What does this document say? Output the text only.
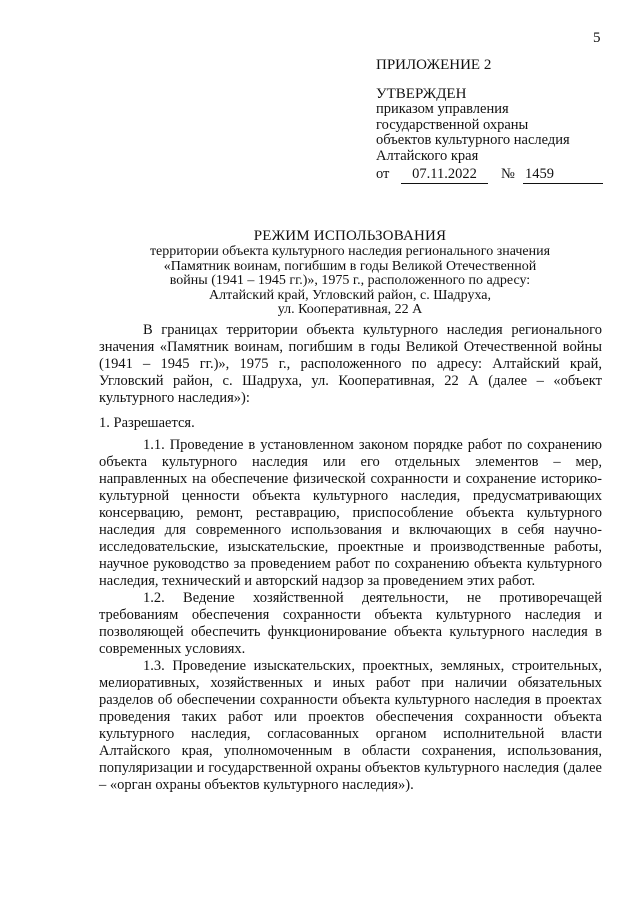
5
ПРИЛОЖЕНИЕ 2
УТВЕРЖДЕН
приказом управления
государственной охраны
объектов культурного наследия
Алтайского края
от	07.11.2022	№ 1459
РЕЖИМ ИСПОЛЬЗОВАНИЯ
территории объекта культурного наследия регионального значения
«Памятник воинам, погибшим в годы Великой Отечественной
войны (1941 – 1945 гг.)», 1975 г., расположенного по адресу:
Алтайский край, Угловский район, с. Шадруха,
ул. Кооперативная, 22 А

В границах территории объекта культурного наследия регионального значения «Памятник воинам, погибшим в годы Великой Отечественной войны (1941 – 1945 гг.)», 1975 г., расположенного по адресу: Алтайский край, Угловский район, с. Шадруха, ул. Кооперативная, 22 А (далее – «объект культурного наследия»):

1. Разрешается.

1.1. Проведение в установленном законом порядке работ по сохранению объекта культурного наследия или его отдельных элементов – мер, направленных на обеспечение физической сохранности и сохранение историко-культурной ценности объекта культурного наследия, предусматривающих консервацию, ремонт, реставрацию, приспособление объекта культурного наследия для современного использования и включающих в себя научно-исследовательские, изыскательские, проектные и производственные работы, научное руководство за проведением работ по сохранению объекта культурного наследия, технический и авторский надзор за проведением этих работ.

1.2. Ведение хозяйственной деятельности, не противоречащей требованиям обеспечения сохранности объекта культурного наследия и позволяющей обеспечить функционирование объекта культурного наследия в современных условиях.

1.3. Проведение изыскательских, проектных, земляных, строительных, мелиоративных, хозяйственных и иных работ при наличии обязательных разделов об обеспечении сохранности объекта культурного наследия в проектах проведения таких работ или проектов обеспечения сохранности объекта культурного наследия, согласованных органом исполнительной власти Алтайского края, уполномоченным в области сохранения, использования, популяризации и государственной охраны объектов культурного наследия (далее – «орган охраны объектов культурного наследия»).
